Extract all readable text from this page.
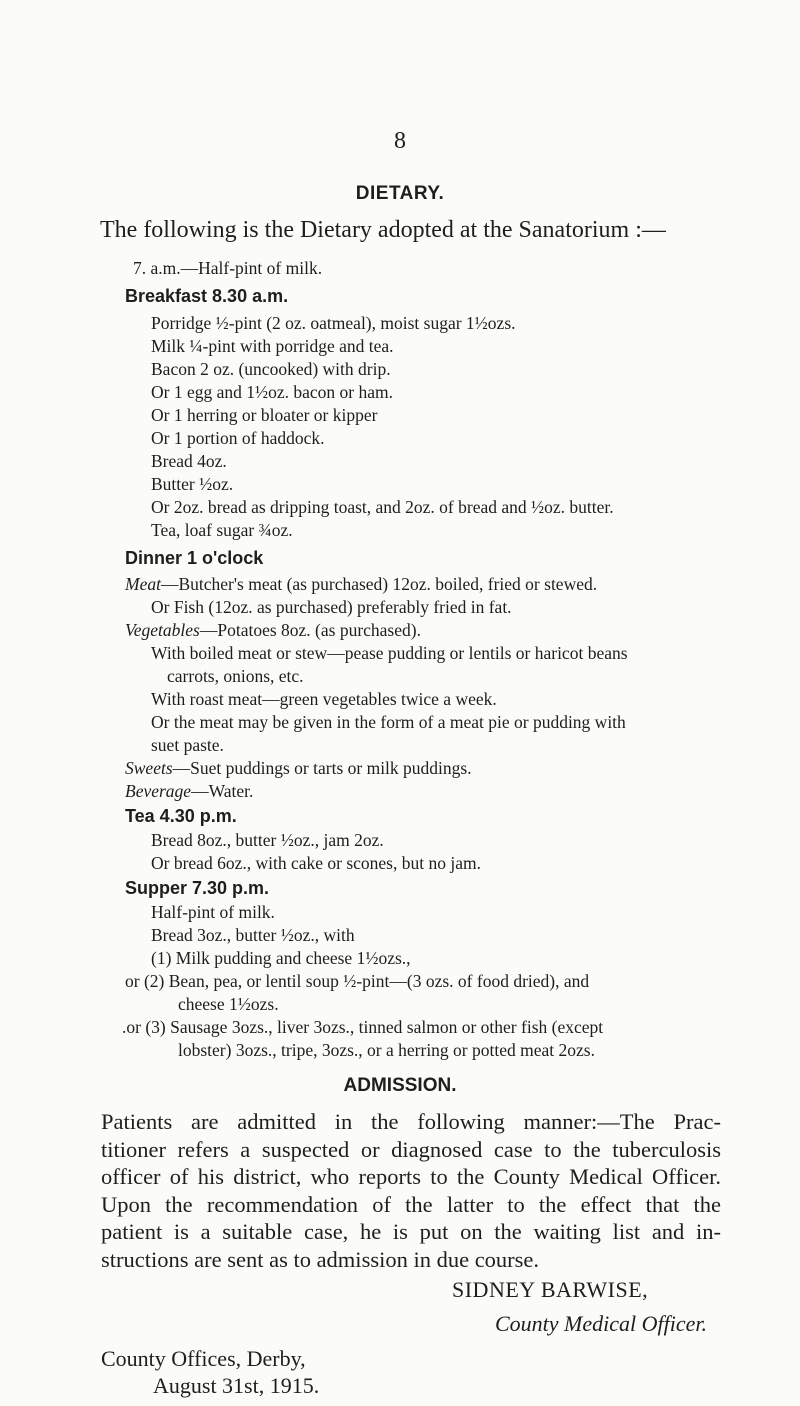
8
DIETARY.
The following is the Dietary adopted at the Sanatorium :—
7. a.m.—Half-pint of milk.
Breakfast 8.30 a.m.
Porridge ½-pint (2 oz. oatmeal), moist sugar 1½ozs.
Milk ¼-pint with porridge and tea.
Bacon 2 oz. (uncooked) with drip.
Or 1 egg and 1½oz. bacon or ham.
Or 1 herring or bloater or kipper
Or 1 portion of haddock.
Bread 4oz.
Butter ½oz.
Or 2oz. bread as dripping toast, and 2oz. of bread and ½oz. butter.
Tea, loaf sugar ¾oz.
Dinner 1 o'clock
Meat—Butcher's meat (as purchased) 12oz. boiled, fried or stewed.
Or Fish (12oz. as purchased) preferably fried in fat.
Vegetables—Potatoes 8oz. (as purchased).
With boiled meat or stew—pease pudding or lentils or haricot beans
carrots, onions, etc.
With roast meat—green vegetables twice a week.
Or the meat may be given in the form of a meat pie or pudding with
suet paste.
Sweets—Suet puddings or tarts or milk puddings.
Beverage—Water.
Tea 4.30 p.m.
Bread 8oz., butter ½oz., jam 2oz.
Or bread 6oz., with cake or scones, but no jam.
Supper 7.30 p.m.
Half-pint of milk.
Bread 3oz., butter ½oz., with
(1) Milk pudding and cheese 1½ozs.,
or (2) Bean, pea, or lentil soup ½-pint—(3 ozs. of food dried), and
cheese 1½ozs.
.or (3) Sausage 3ozs., liver 3ozs., tinned salmon or other fish (except
lobster) 3ozs., tripe, 3ozs., or a herring or potted meat 2ozs.
ADMISSION.
Patients are admitted in the following manner:—The Prac-
titioner refers a suspected or diagnosed case to the tuberculosis
officer of his district, who reports to the County Medical Officer.
Upon the recommendation of the latter to the effect that the
patient is a suitable case, he is put on the waiting list and in-
structions are sent as to admission in due course.
SIDNEY BARWISE,
County Medical Officer.
County Offices, Derby,
August 31st, 1915.
